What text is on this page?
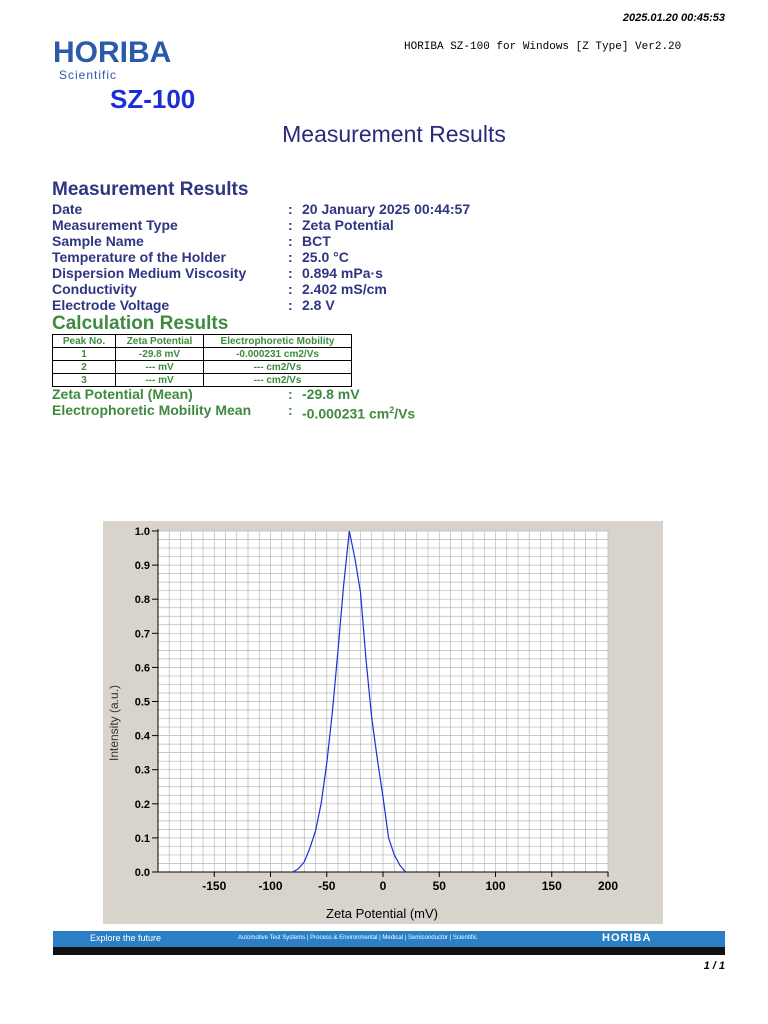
2025.01.20 00:45:53
HORIBA
Scientific
HORIBA SZ-100 for Windows [Z Type] Ver2.20
SZ-100
Measurement Results
Measurement Results
Date	: 20 January 2025 00:44:57
Measurement Type	: Zeta Potential
Sample Name	: BCT
Temperature of the Holder	: 25.0 °C
Dispersion Medium Viscosity	: 0.894 mPa·s
Conductivity	: 2.402 mS/cm
Electrode Voltage	: 2.8 V
Calculation Results
Peak No.	Zeta Potential	Electrophoretic Mobility
1	-29.8 mV	-0.000231 cm2/Vs
2	--- mV	--- cm2/Vs
3	--- mV	--- cm2/Vs
Zeta Potential (Mean)	: -29.8 mV
Electrophoretic Mobility Mean	: -0.000231 $cm^2/Vs$
0.0
0.1
0.2
0.3
0.4
0.5
0.6
0.7
0.8
0.9
1.0
-150	-100	-50	0	50	100	150	200
Zeta Potential (mV)
Intensity (a.u.)
Explore the future	Automotive Test Systems | Process & Environmental | Medical | Semiconductor | Scientific	HORIBA
1 / 1
